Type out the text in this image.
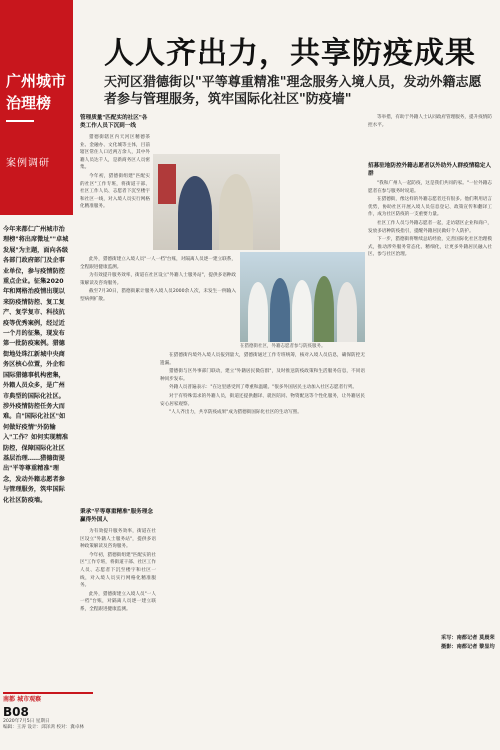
广州城市
治理榜
案例调研
人人齐出力，共享防疫成果
天河区猎德街以"平等尊重精准"理念服务入境人员，发动外籍志愿者参与管理服务，筑牢国际化社区"防疫墙"
今年来都仁广州城市治理榜"将出席微址""卓城发展"为主题，面向各级各部门政府部门及企事业单位，参与疫情防控重点企业。征集2020年和网格治疫情出现以来防疫情防控、复工复产、复学复市、科技抗疫等优秀案例，经过近一个月的征集，现发布第一批防疫案例。猎德街地处珠江新城中央商务区核心位置，外企和国际猎德事机构密集，外籍人员众多，是广州市典型的国际化社区。涉外疫情防控任务大而难。自"国际化社区"如何做好疫情"外防输入"工作？如何实现精准防控，保障国际化社区基层治理……猎德街提出"平等尊重精准"理念，发动外籍志愿者参与管理服务，筑牢国际化社区防疫墙。
管理质量"匹配实的社区"各类工作人员下沉到一线

猎德街辖区内天河区精德茶业、金融办、文化城等主体，目前辖区常住人口近两万余人，其中外籍人员达千人，是新商务区人员密集。

今年初，猎德街组建"匹配实的社区"工作专班，将街道干部、社区工作人员、志愿者下沉至楼宇和社区一线，对入境人员实行网格化精准服务。

此外，猎德街建立入境人员"一人一档"台账，对隔离人员逐一建立联系，全程跟进健康监测。

为有效提升服务效率，街道在社区设立"外籍人士服务站"，提供多语种政策解读及咨询服务。

截至7月30日，猎德街累计服务入境人员2000余人次，未发生一例输入型病例扩散。

秉承"平等尊重精准"服务理念赢得外国人

为有效提升服务效率，街道在社区设立"外籍人士服务站"，提供多语种政策解读及咨询服务。

今年初，猎德街组建"匹配实的社区"工作专班，将街道干部、社区工作人员、志愿者下沉至楼宇和社区一线，对入境人员实行网格化精准服务。

此外，猎德街建立入境人员"一人一档"台账，对隔离人员逐一建立联系，全程跟进健康监测。

在猎德街社区，外籍志愿者参与防疫服务。

在猎德街内境外入境人员报到量大，猎德街通过工作专班统筹，核对入境人员信息，确保防控无遗漏。

猎德街与区外事部门联动，建立"外籍居民微信群"，及时推送防疫政策和生活服务信息，不同语种同步发布。

外籍人员普遍表示："在这里感受到了尊重和温暖。"很多外国居民主动加入社区志愿者行列。

对于有特殊需求的外籍人员，街道还提供翻译、就医陪同、物资配送等个性化服务，让外籍居民安心居家观察。

"人人齐出力，共享防疫成果"成为猎德街国际化社区的生动写照。

等举措，有助于外籍人士认同政府管理服务，提升疫情防控水平。

招募驻地防控外籍志愿者以外助外人群疫情稳定人群

"我和广州人一起防疫，这是我们共同的家。"一位外籍志愿者在参与服务时说道。

在猎德街，像这样的外籍志愿者还有很多。他们利用语言优势，协助社区开展入境人员信息登记、政策宣传和翻译工作，成为社区防疫的一支重要力量。

社区工作人员与外籍志愿者一起，走访辖区企业和商户，发放多语种防疫指引，提醒外籍居民做好个人防护。

下一步，猎德街将继续总结经验，完善国际化社区治理模式，推动涉外服务常态化、精细化，让更多外籍居民融入社区、参与社区治理。

采写：南都记者 莫晨荣
摄影：南都记者 黎显均
南都 城市观察
B08
2020年7月5日 星期日
编辑：王涛 设计：邱泽鸿 校对：冀卓林
